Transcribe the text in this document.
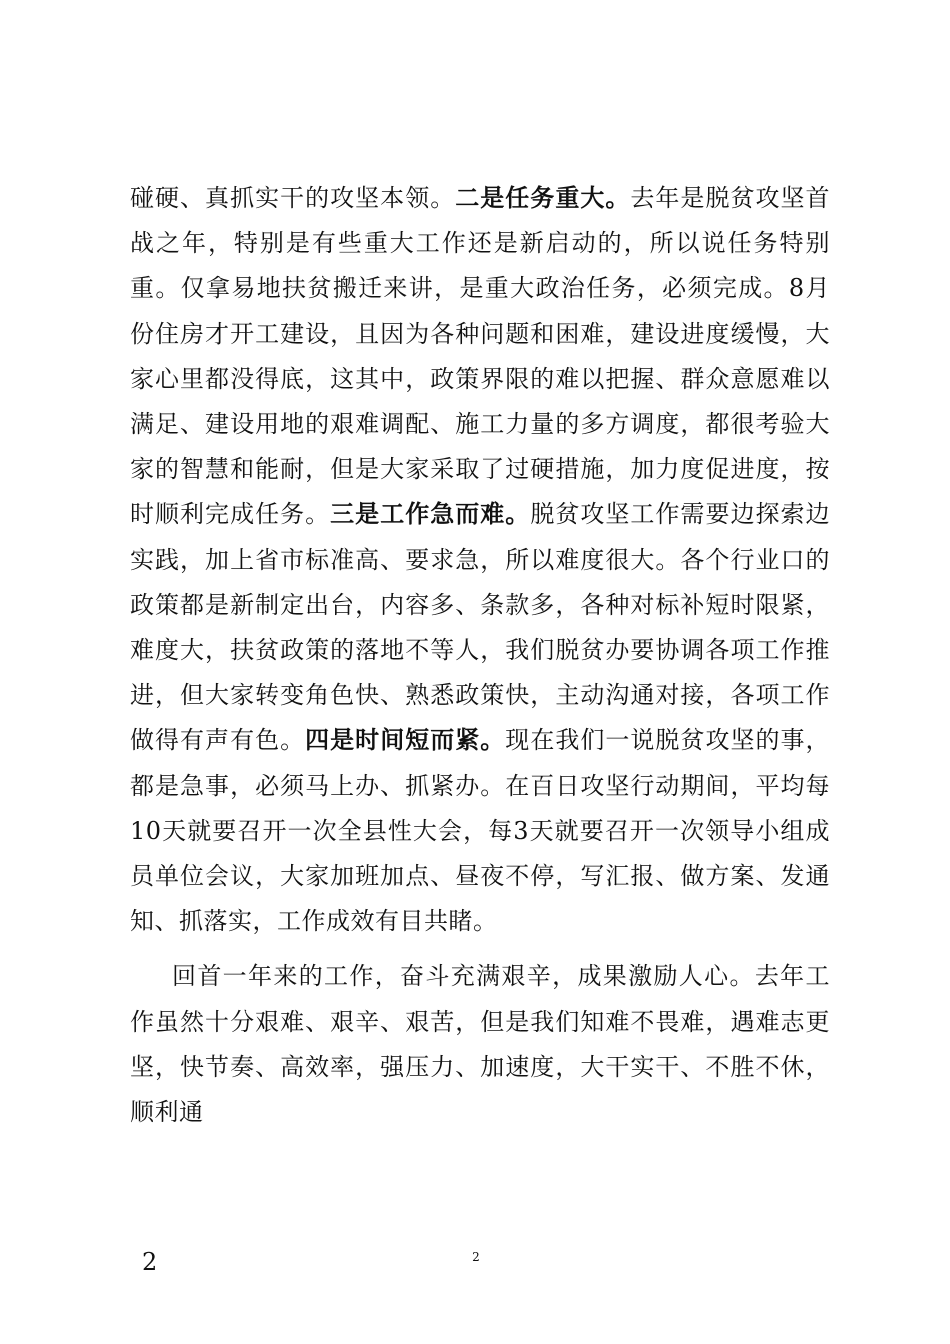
碰硬、真抓实干的攻坚本领。二是任务重大。去年是脱贫攻坚首战之年，特别是有些重大工作还是新启动的，所以说任务特别重。仅拿易地扶贫搬迁来讲，是重大政治任务，必须完成。8月份住房才开工建设，且因为各种问题和困难，建设进度缓慢，大家心里都没得底，这其中，政策界限的难以把握、群众意愿难以满足、建设用地的艰难调配、施工力量的多方调度，都很考验大家的智慧和能耐，但是大家采取了过硬措施，加力度促进度，按时顺利完成任务。三是工作急而难。脱贫攻坚工作需要边探索边实践，加上省市标准高、要求急，所以难度很大。各个行业口的政策都是新制定出台，内容多、条款多，各种对标补短时限紧，难度大，扶贫政策的落地不等人，我们脱贫办要协调各项工作推进，但大家转变角色快、熟悉政策快，主动沟通对接，各项工作做得有声有色。四是时间短而紧。现在我们一说脱贫攻坚的事，都是急事，必须马上办、抓紧办。在百日攻坚行动期间，平均每10天就要召开一次全县性大会，每3天就要召开一次领导小组成员单位会议，大家加班加点、昼夜不停，写汇报、做方案、发通知、抓落实，工作成效有目共睹。

回首一年来的工作，奋斗充满艰辛，成果激励人心。去年工作虽然十分艰难、艰辛、艰苦，但是我们知难不畏难，遇难志更坚，快节奏、高效率，强压力、加速度，大干实干、不胜不休，顺利通

2	2
